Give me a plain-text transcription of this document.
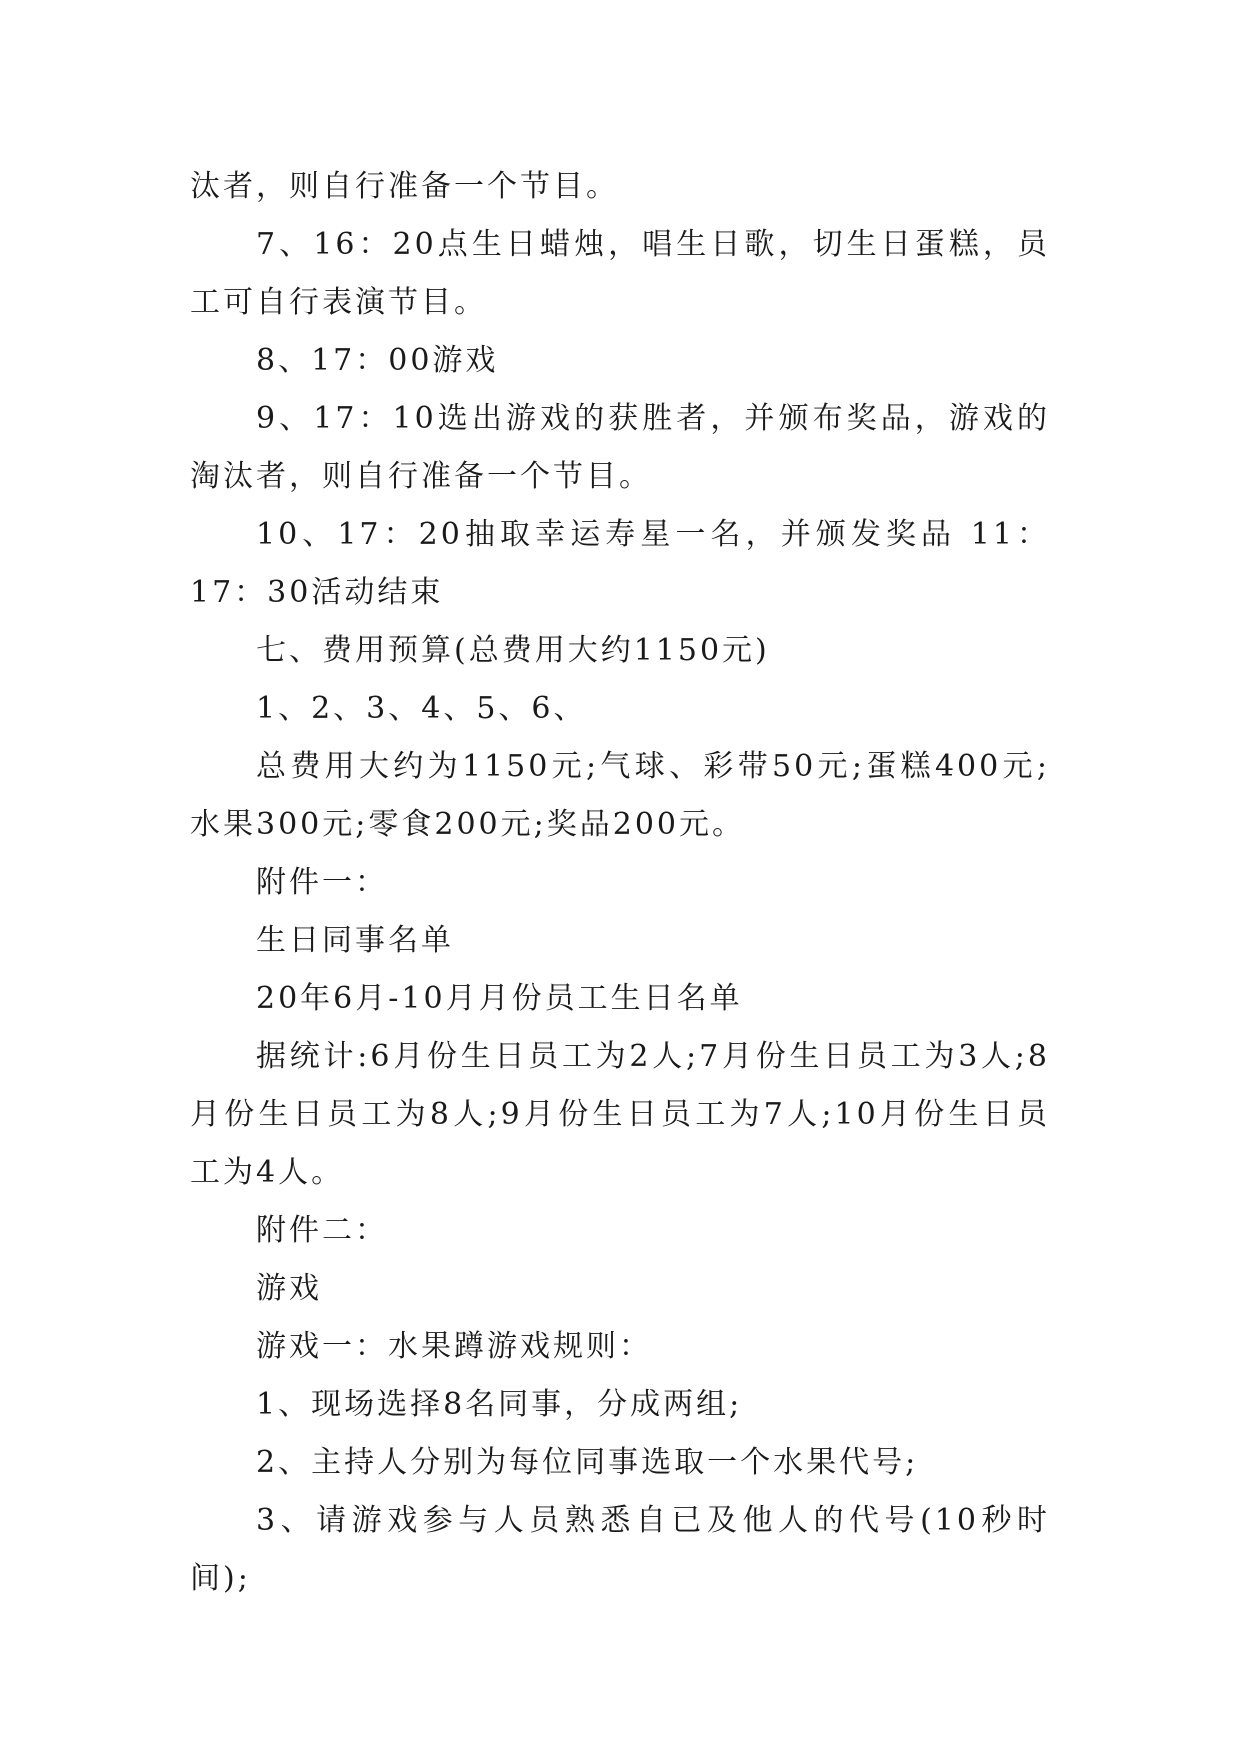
汰者，则自行准备一个节目。

7、16：20点生日蜡烛，唱生日歌，切生日蛋糕，员工可自行表演节目。

8、17：00游戏

9、17：10选出游戏的获胜者，并颁布奖品，游戏的淘汰者，则自行准备一个节目。

10、17：20抽取幸运寿星一名，并颁发奖品 11：17：30活动结束

七、费用预算(总费用大约1150元)

1、2、3、4、5、6、

总费用大约为1150元;气球、彩带50元;蛋糕400元;水果300元;零食200元;奖品200元。

附件一：

生日同事名单

20年6月-10月月份员工生日名单

据统计:6月份生日员工为2人;7月份生日员工为3人;8月份生日员工为8人;9月份生日员工为7人;10月份生日员工为4人。

附件二：

游戏

游戏一：水果蹲游戏规则：

1、现场选择8名同事，分成两组;

2、主持人分别为每位同事选取一个水果代号;

3、请游戏参与人员熟悉自已及他人的代号(10秒时间);
